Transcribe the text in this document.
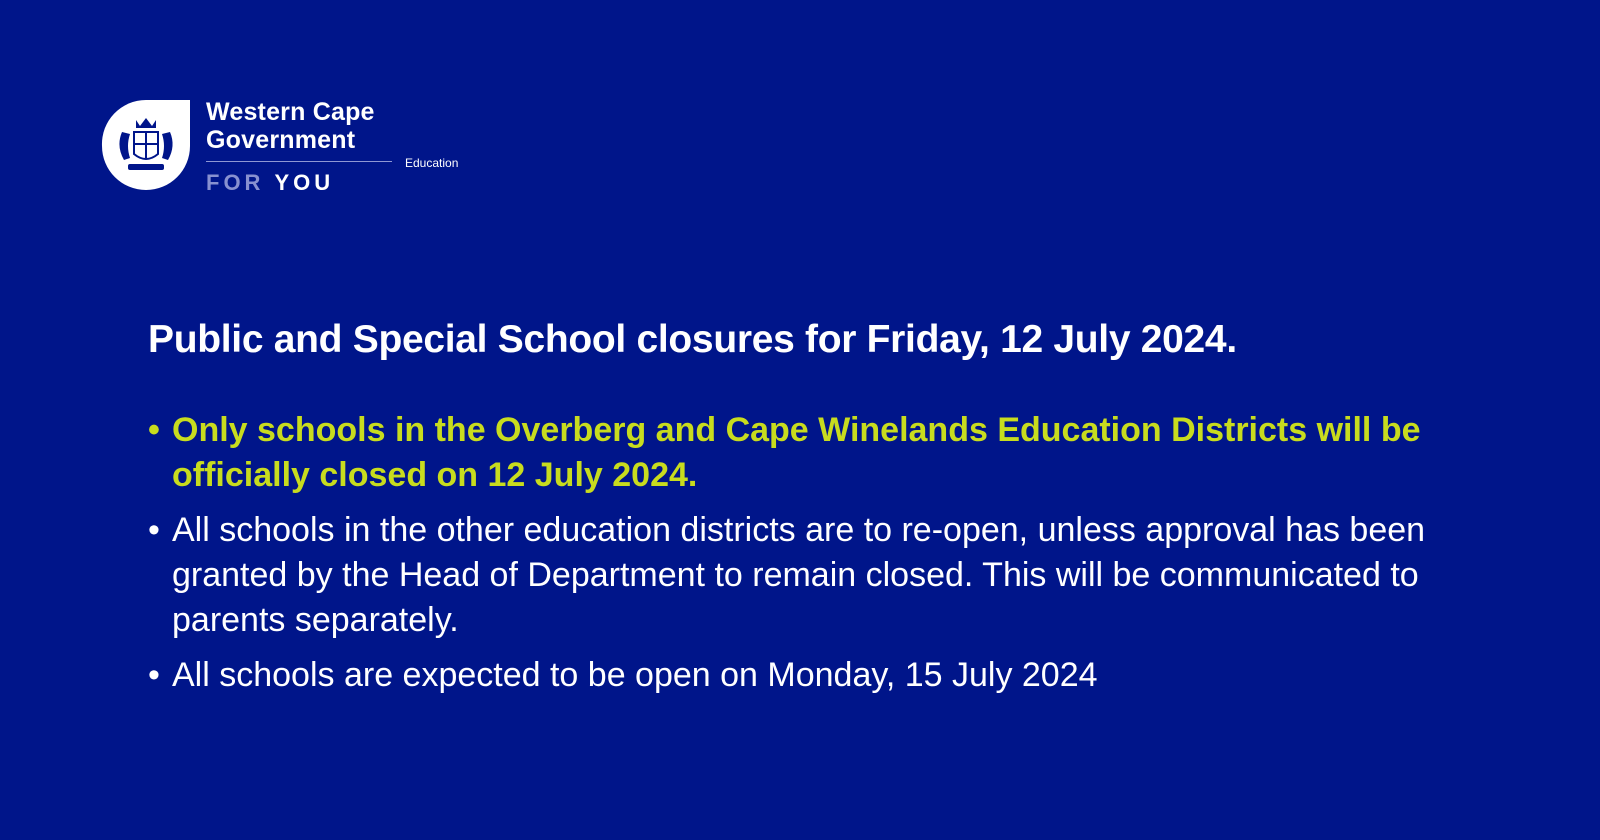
Western Cape
Government
Education
FOR YOU
Public and Special School closures for Friday, 12 July 2024.
• Only schools in the Overberg and Cape Winelands Education Districts will be officially closed on 12 July 2024.
• All schools in the other education districts are to re-open, unless approval has been granted by the Head of Department to remain closed. This will be communicated to parents separately.
• All schools are expected to be open on Monday, 15 July 2024
